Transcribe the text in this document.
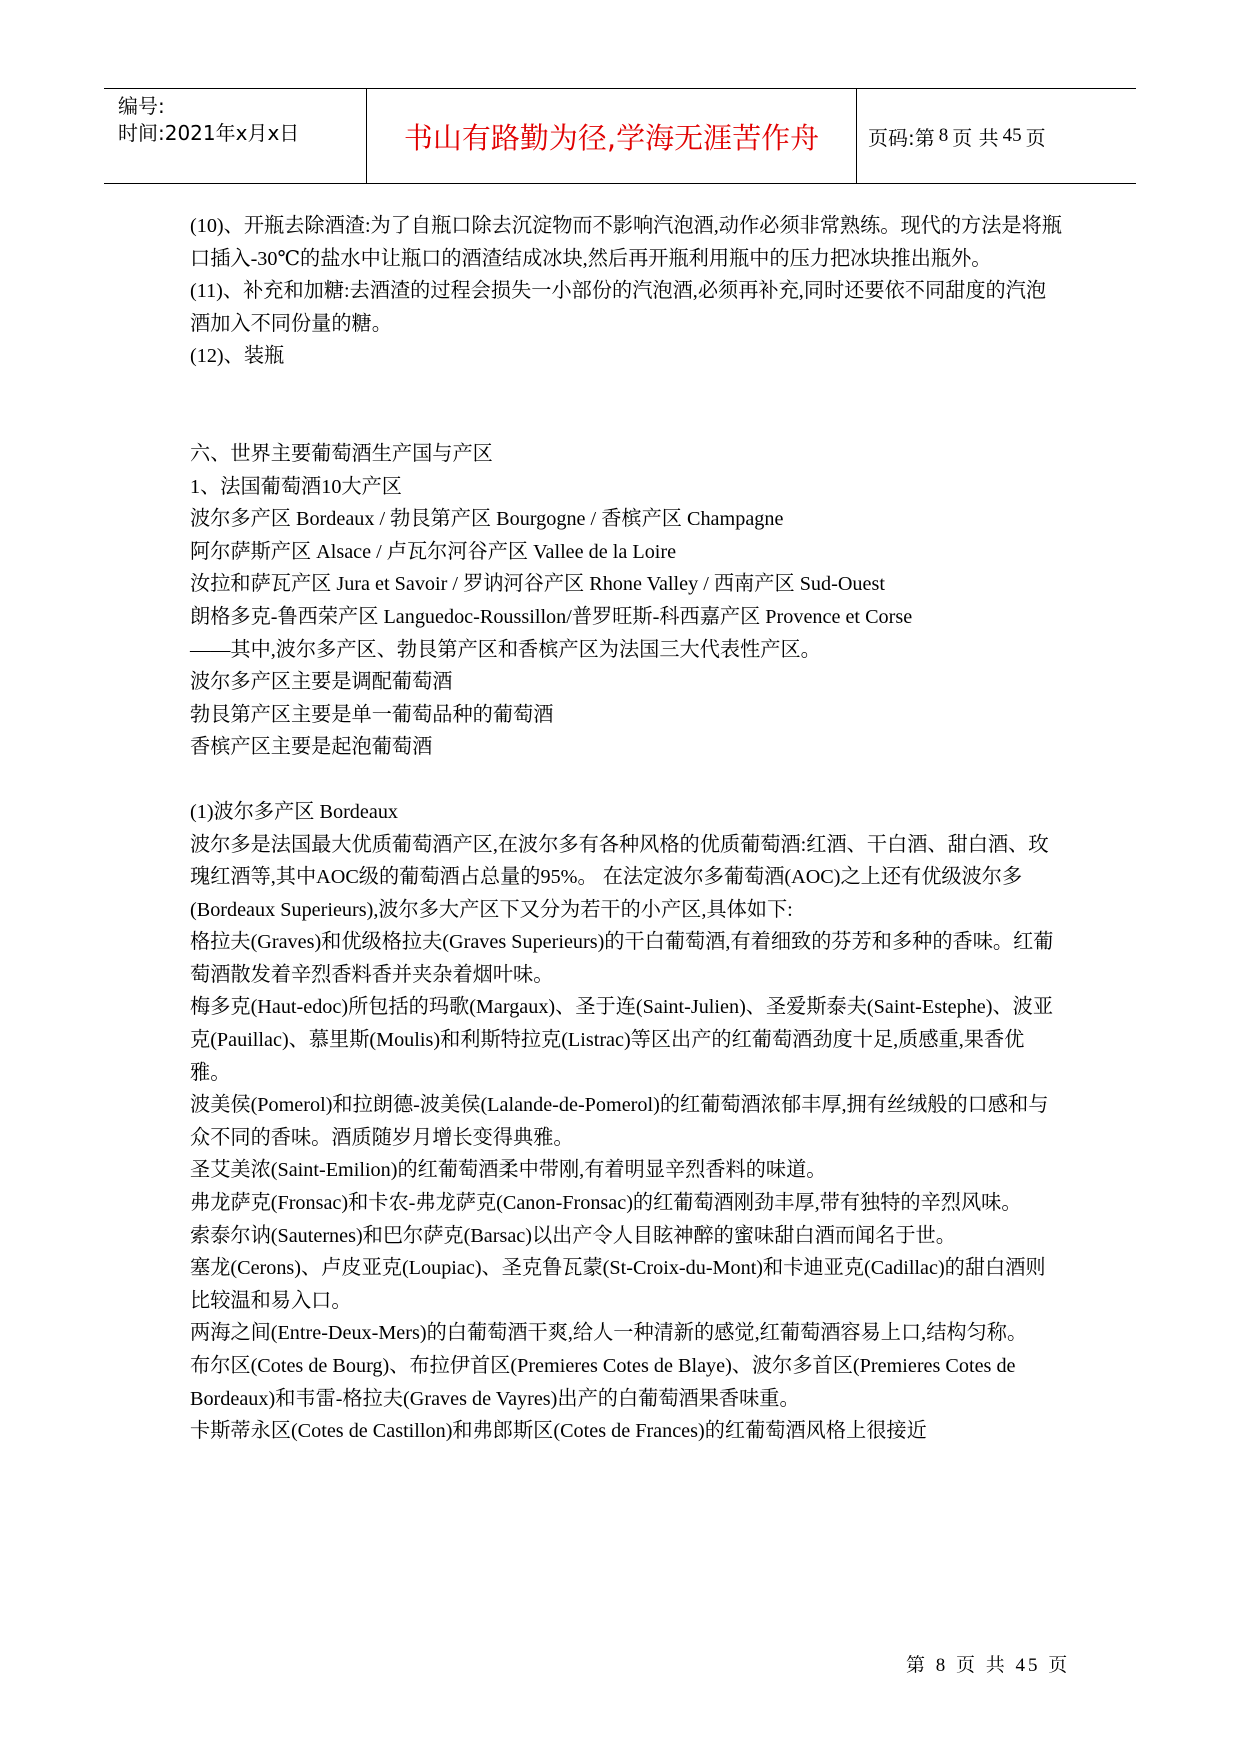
编号:
时间:2021年x月x日	书山有路勤为径,学海无涯苦作舟	页码:第 8 页 共 45 页

(10)、开瓶去除酒渣:为了自瓶口除去沉淀物而不影响汽泡酒,动作必须非常熟练。现代的方法是将瓶口插入-30℃的盐水中让瓶口的酒渣结成冰块,然后再开瓶利用瓶中的压力把冰块推出瓶外。

(11)、补充和加糖:去酒渣的过程会损失一小部份的汽泡酒,必须再补充,同时还要依不同甜度的汽泡酒加入不同份量的糖。

(12)、装瓶

六、世界主要葡萄酒生产国与产区

1、法国葡萄酒10大产区

波尔多产区 Bordeaux / 勃艮第产区 Bourgogne / 香槟产区 Champagne

阿尔萨斯产区 Alsace / 卢瓦尔河谷产区 Vallee de la Loire

汝拉和萨瓦产区 Jura et Savoir / 罗讷河谷产区 Rhone Valley / 西南产区 Sud-Ouest

朗格多克-鲁西荣产区 Languedoc-Roussillon/普罗旺斯-科西嘉产区 Provence et Corse

——其中,波尔多产区、勃艮第产区和香槟产区为法国三大代表性产区。

波尔多产区主要是调配葡萄酒

勃艮第产区主要是单一葡萄品种的葡萄酒

香槟产区主要是起泡葡萄酒

(1)波尔多产区 Bordeaux

波尔多是法国最大优质葡萄酒产区,在波尔多有各种风格的优质葡萄酒:红酒、干白酒、甜白酒、玫瑰红酒等,其中AOC级的葡萄酒占总量的95%。 在法定波尔多葡萄酒(AOC)之上还有优级波尔多(Bordeaux Superieurs),波尔多大产区下又分为若干的小产区,具体如下:

格拉夫(Graves)和优级格拉夫(Graves Superieurs)的干白葡萄酒,有着细致的芬芳和多种的香味。红葡萄酒散发着辛烈香料香并夹杂着烟叶味。

梅多克(Haut-edoc)所包括的玛歌(Margaux)、圣于连(Saint-Julien)、圣爱斯泰夫(Saint-Estephe)、波亚克(Pauillac)、慕里斯(Moulis)和利斯特拉克(Listrac)等区出产的红葡萄酒劲度十足,质感重,果香优雅。

波美侯(Pomerol)和拉朗德-波美侯(Lalande-de-Pomerol)的红葡萄酒浓郁丰厚,拥有丝绒般的口感和与众不同的香味。酒质随岁月增长变得典雅。

圣艾美浓(Saint-Emilion)的红葡萄酒柔中带刚,有着明显辛烈香料的味道。

弗龙萨克(Fronsac)和卡农-弗龙萨克(Canon-Fronsac)的红葡萄酒刚劲丰厚,带有独特的辛烈风味。

索泰尔讷(Sauternes)和巴尔萨克(Barsac)以出产令人目眩神醉的蜜味甜白酒而闻名于世。

塞龙(Cerons)、卢皮亚克(Loupiac)、圣克鲁瓦蒙(St-Croix-du-Mont)和卡迪亚克(Cadillac)的甜白酒则比较温和易入口。

两海之间(Entre-Deux-Mers)的白葡萄酒干爽,给人一种清新的感觉,红葡萄酒容易上口,结构匀称。

布尔区(Cotes de Bourg)、布拉伊首区(Premieres Cotes de Blaye)、波尔多首区(Premieres Cotes de Bordeaux)和韦雷-格拉夫(Graves de Vayres)出产的白葡萄酒果香味重。

卡斯蒂永区(Cotes de Castillon)和弗郎斯区(Cotes de Frances)的红葡萄酒风格上很接近

第 8 页 共 45 页
